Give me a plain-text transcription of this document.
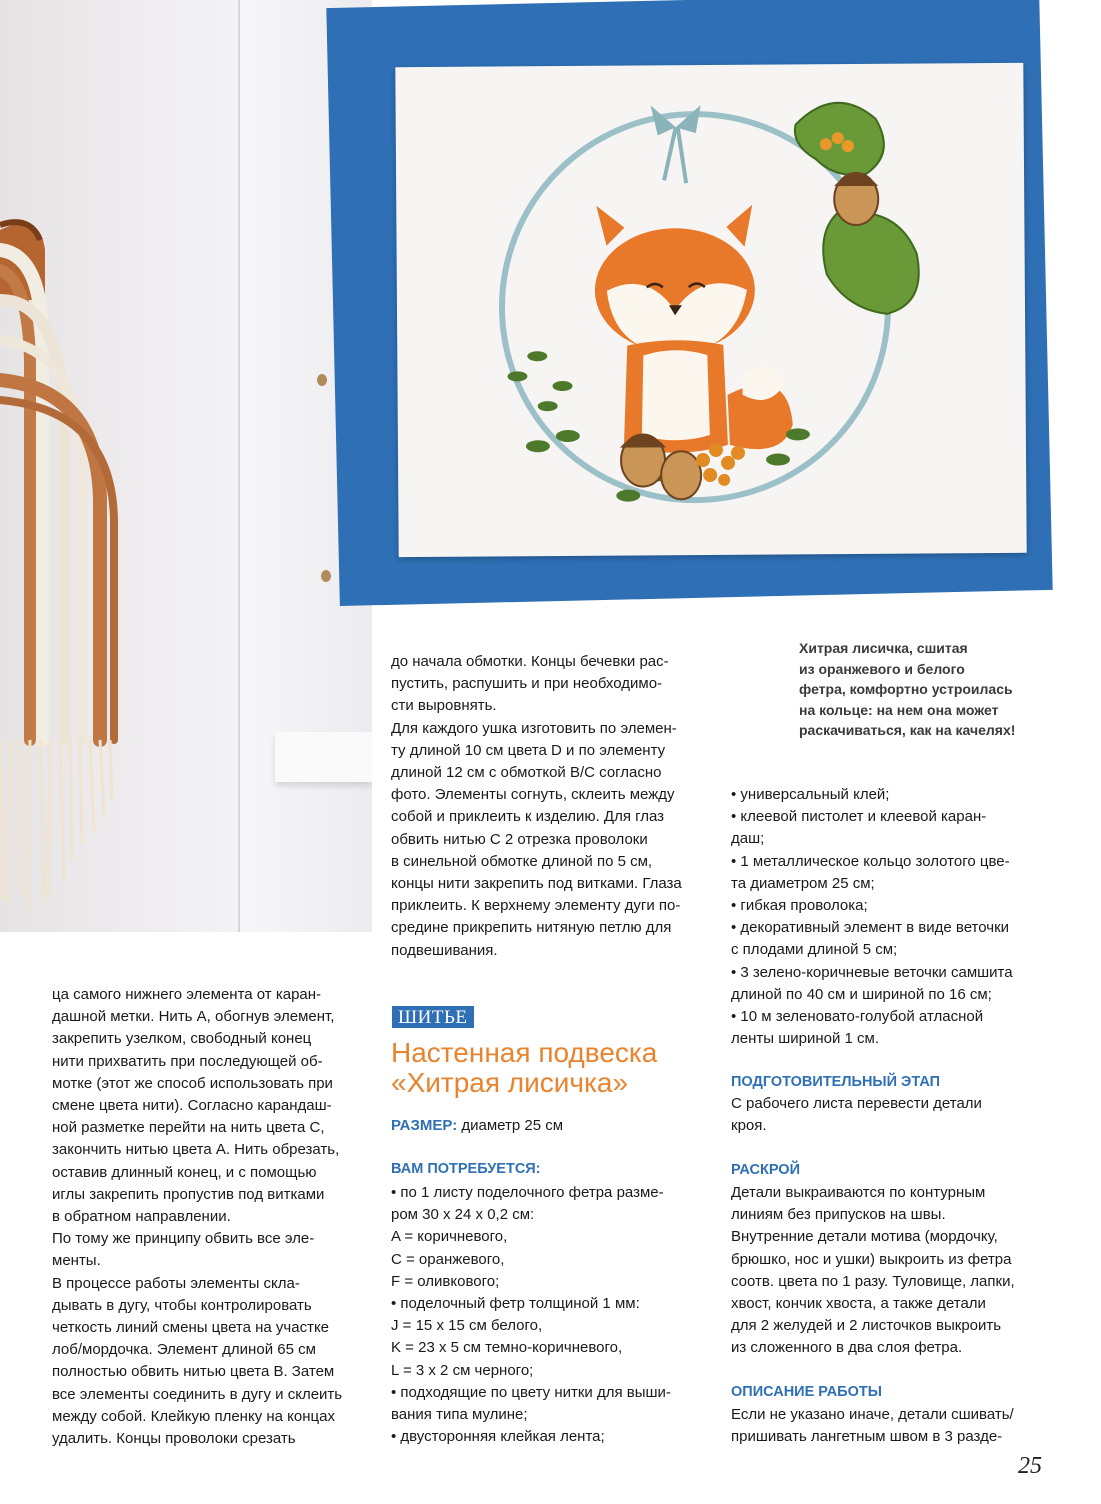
Хитрая лисичка, сшитая
из оранжевого и белого
фетра, комфортно устроилась
на кольце: на нем она может
раскачиваться, как на качелях!
до начала обмотки. Концы бечевки рас-
пустить, распушить и при необходимо-
сти выровнять.
Для каждого ушка изготовить по элемен-
ту длиной 10 см цвета D и по элементу
длиной 12 см с обмоткой B/C согласно
фото. Элементы согнуть, склеить между
собой и приклеить к изделию. Для глаз
обвить нитью C 2 отрезка проволоки
в синельной обмотке длиной по 5 см,
концы нити закрепить под витками. Глаза
приклеить. К верхнему элементу дуги по-
средине прикрепить нитяную петлю для
подвешивания.
ца самого нижнего элемента от каран-
дашной метки. Нить A, обогнув элемент,
закрепить узелком, свободный конец
нити прихватить при последующей об-
мотке (этот же способ использовать при
смене цвета нити). Согласно карандаш-
ной разметке перейти на нить цвета C,
закончить нитью цвета A. Нить обрезать,
оставив длинный конец, и с помощью
иглы закрепить пропустив под витками
в обратном направлении.
По тому же принципу обвить все эле-
менты.
В процессе работы элементы скла-
дывать в дугу, чтобы контролировать
четкость линий смены цвета на участке
лоб/мордочка. Элемент длиной 65 см
полностью обвить нитью цвета B. Затем
все элементы соединить в дугу и склеить
между собой. Клейкую пленку на концах
удалить. Концы проволоки срезать
ШИТЬЕ
Настенная подвеска
«Хитрая лисичка»
РАЗМЕР: диаметр 25 см
ВАМ ПОТРЕБУЕТСЯ:
• по 1 листу поделочного фетра разме-
ром 30 х 24 х 0,2 см:
A = коричневого,
C = оранжевого,
F = оливкового;
• поделочный фетр толщиной 1 мм:
J = 15 х 15 см белого,
K = 23 х 5 см темно-коричневого,
L = 3 х 2 см черного;
• подходящие по цвету нитки для выши-
вания типа мулине;
• двусторонняя клейкая лента;
• универсальный клей;
• клеевой пистолет и клеевой каран-
даш;
• 1 металлическое кольцо золотого цве-
та диаметром 25 см;
• гибкая проволока;
• декоративный элемент в виде веточки
с плодами длиной 5 см;
• 3 зелено-коричневые веточки самшита
длиной по 40 см и шириной по 16 см;
• 10 м зеленовато-голубой атласной
ленты шириной 1 см.
ПОДГОТОВИТЕЛЬНЫЙ ЭТАП
С рабочего листа перевести детали
кроя.
РАСКРОЙ
Детали выкраиваются по контурным
линиям без припусков на швы.
Внутренние детали мотива (мордочку,
брюшко, нос и ушки) выкроить из фетра
соотв. цвета по 1 разу. Туловище, лапки,
хвост, кончик хвоста, а также детали
для 2 желудей и 2 листочков выкроить
из сложенного в два слоя фетра.
ОПИСАНИЕ РАБОТЫ
Если не указано иначе, детали сшивать/
пришивать лангетным швом в 3 разде-
25
